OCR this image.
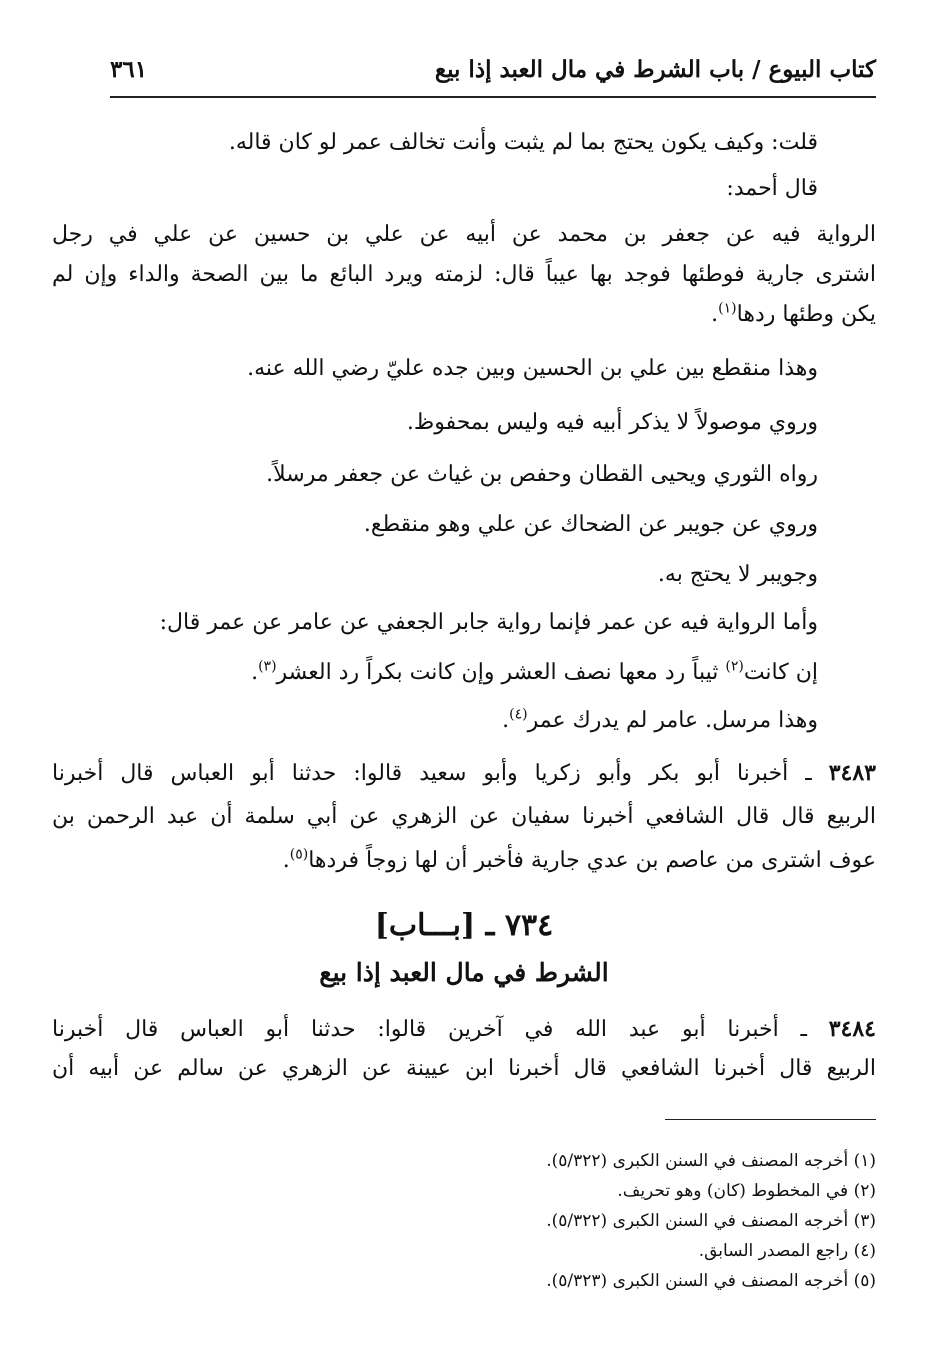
كتاب البيوع / باب الشرط في مال العبد إذا بيع
٣٦١
قلت: وكيف يكون يحتج بما لم يثبت وأنت تخالف عمر لو كان قاله.
قال أحمد:
الرواية فيه عن جعفر بن محمد عن أبيه عن علي بن حسين عن علي في رجل
اشترى جارية فوطئها فوجد بها عيباً قال: لزمته ويرد البائع ما بين الصحة والداء وإن لم
يكن وطئها ردها$^{(١)}$.
وهذا منقطع بين علي بن الحسين وبين جده عليّ رضي الله عنه.
وروي موصولاً لا يذكر أبيه فيه وليس بمحفوظ.
رواه الثوري ويحيى القطان وحفص بن غياث عن جعفر مرسلاً.
وروي عن جويبر عن الضحاك عن علي وهو منقطع.
وجويبر لا يحتج به.
وأما الرواية فيه عن عمر فإنما رواية جابر الجعفي عن عامر عن عمر قال:
إن كانت$^{(٢)}$ ثيباً رد معها نصف العشر وإن كانت بكراً رد العشر$^{(٣)}$.
وهذا مرسل. عامر لم يدرك عمر$^{(٤)}$.
٣٤٨٣ ـ أخبرنا أبو بكر وأبو زكريا وأبو سعيد قالوا: حدثنا أبو العباس قال أخبرنا
الربيع قال قال الشافعي أخبرنا سفيان عن الزهري عن أبي سلمة أن عبد الرحمن بن
عوف اشترى من عاصم بن عدي جارية فأخبر أن لها زوجاً فردها$^{(٥)}$.
٧٣٤ ـ [بـــاب]
الشرط في مال العبد إذا بيع
٣٤٨٤ ـ أخبرنا أبو عبد الله في آخرين قالوا: حدثنا أبو العباس قال أخبرنا
الربيع قال أخبرنا الشافعي قال أخبرنا ابن عيينة عن الزهري عن سالم عن أبيه أن
(١) أخرجه المصنف في السنن الكبرى (٥/٣٢٢).
(٢) في المخطوط (كان) وهو تحريف.
(٣) أخرجه المصنف في السنن الكبرى (٥/٣٢٢).
(٤) راجع المصدر السابق.
(٥) أخرجه المصنف في السنن الكبرى (٥/٣٢٣).
